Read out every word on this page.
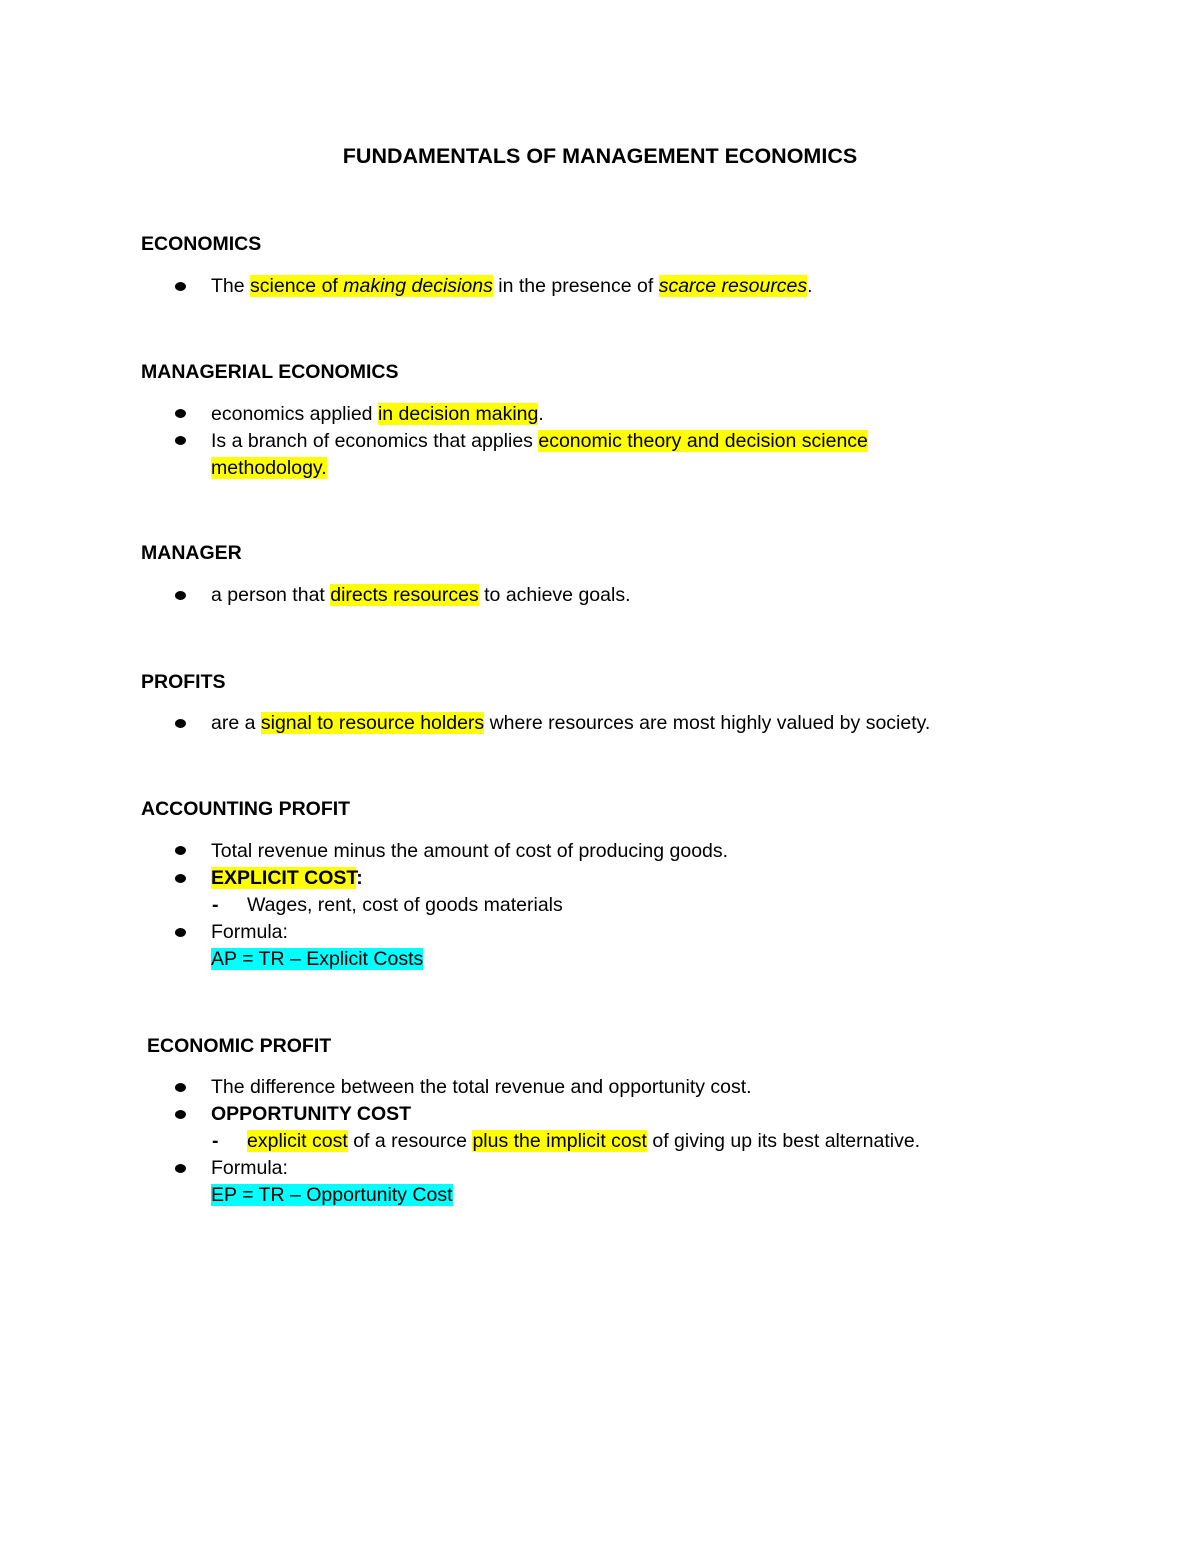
FUNDAMENTALS OF MANAGEMENT ECONOMICS
ECONOMICS
The science of making decisions in the presence of scarce resources.
MANAGERIAL ECONOMICS
economics applied in decision making.
Is a branch of economics that applies economic theory and decision science
methodology.
MANAGER
a person that directs resources to achieve goals.
PROFITS
are a signal to resource holders where resources are most highly valued by society.
ACCOUNTING PROFIT
Total revenue minus the amount of cost of producing goods.
EXPLICIT COST:
- Wages, rent, cost of goods materials
Formula:
AP = TR – Explicit Costs
ECONOMIC PROFIT
The difference between the total revenue and opportunity cost.
OPPORTUNITY COST
- explicit cost of a resource plus the implicit cost of giving up its best alternative.
Formula:
EP = TR – Opportunity Cost
